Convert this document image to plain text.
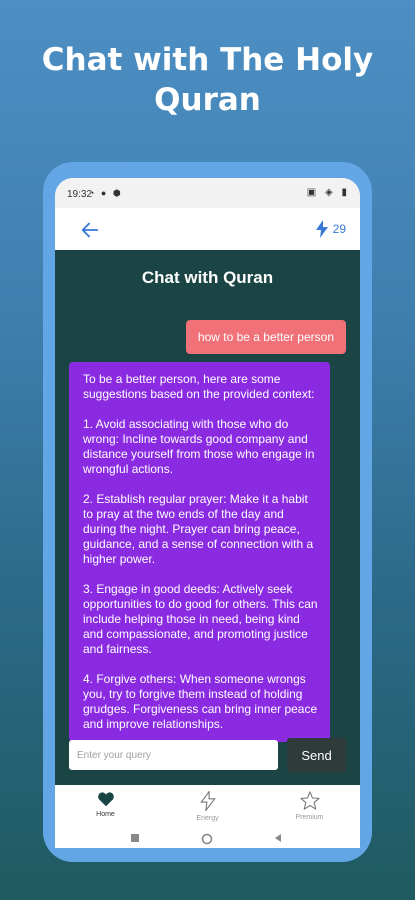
Chat with The Holy
Quran
19:32
◔ ● ⬢	▣ ◈ ▮
29
Chat with Quran
how to be a better person

To be a better person, here are some suggestions based on the provided context:

1. Avoid associating with those who do wrong: Incline towards good company and distance yourself from those who engage in wrongful actions.

2. Establish regular prayer: Make it a habit to pray at the two ends of the day and during the night. Prayer can bring peace, guidance, and a sense of connection with a higher power.

3. Engage in good deeds: Actively seek opportunities to do good for others. This can include helping those in need, being kind and compassionate, and promoting justice and fairness.

4. Forgive others: When someone wrongs you, try to forgive them instead of holding grudges. Forgiveness can bring inner peace and improve relationships.

Enter your query
Send
Home
Energy	Premium
